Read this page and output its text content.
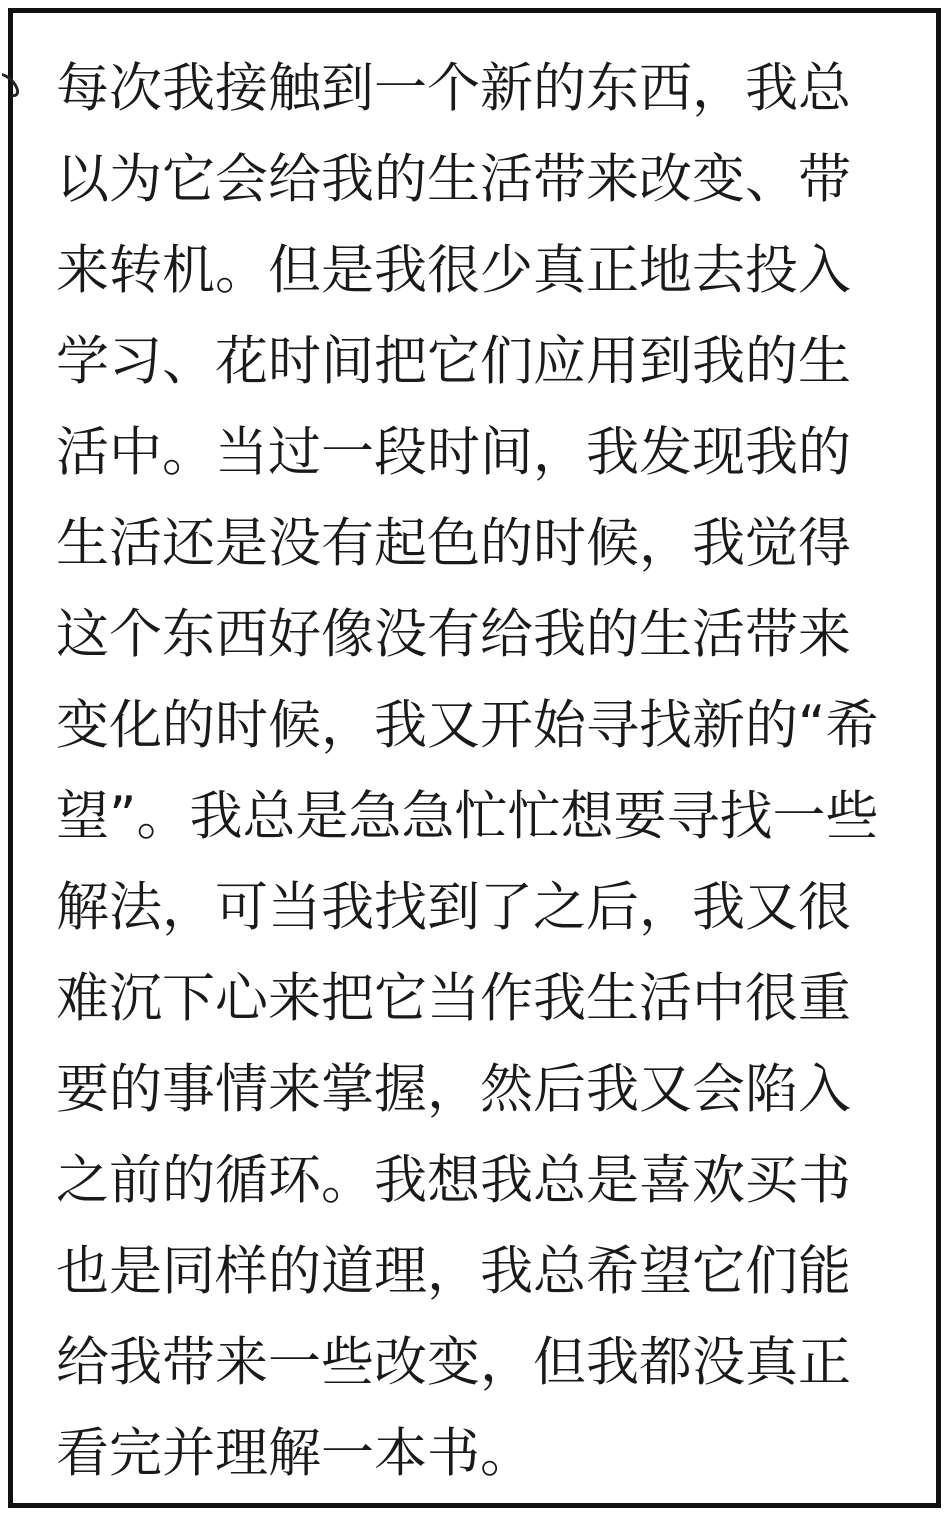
每次我接触到一个新的东西，我总
以为它会给我的生活带来改变、带
来转机。但是我很少真正地去投入
学习、花时间把它们应用到我的生
活中。当过一段时间，我发现我的
生活还是没有起色的时候，我觉得
这个东西好像没有给我的生活带来
变化的时候，我又开始寻找新的“希
望”。我总是急急忙忙想要寻找一些
解法，可当我找到了之后，我又很
难沉下心来把它当作我生活中很重
要的事情来掌握，然后我又会陷入
之前的循环。我想我总是喜欢买书
也是同样的道理，我总希望它们能
给我带来一些改变，但我都没真正
看完并理解一本书。
